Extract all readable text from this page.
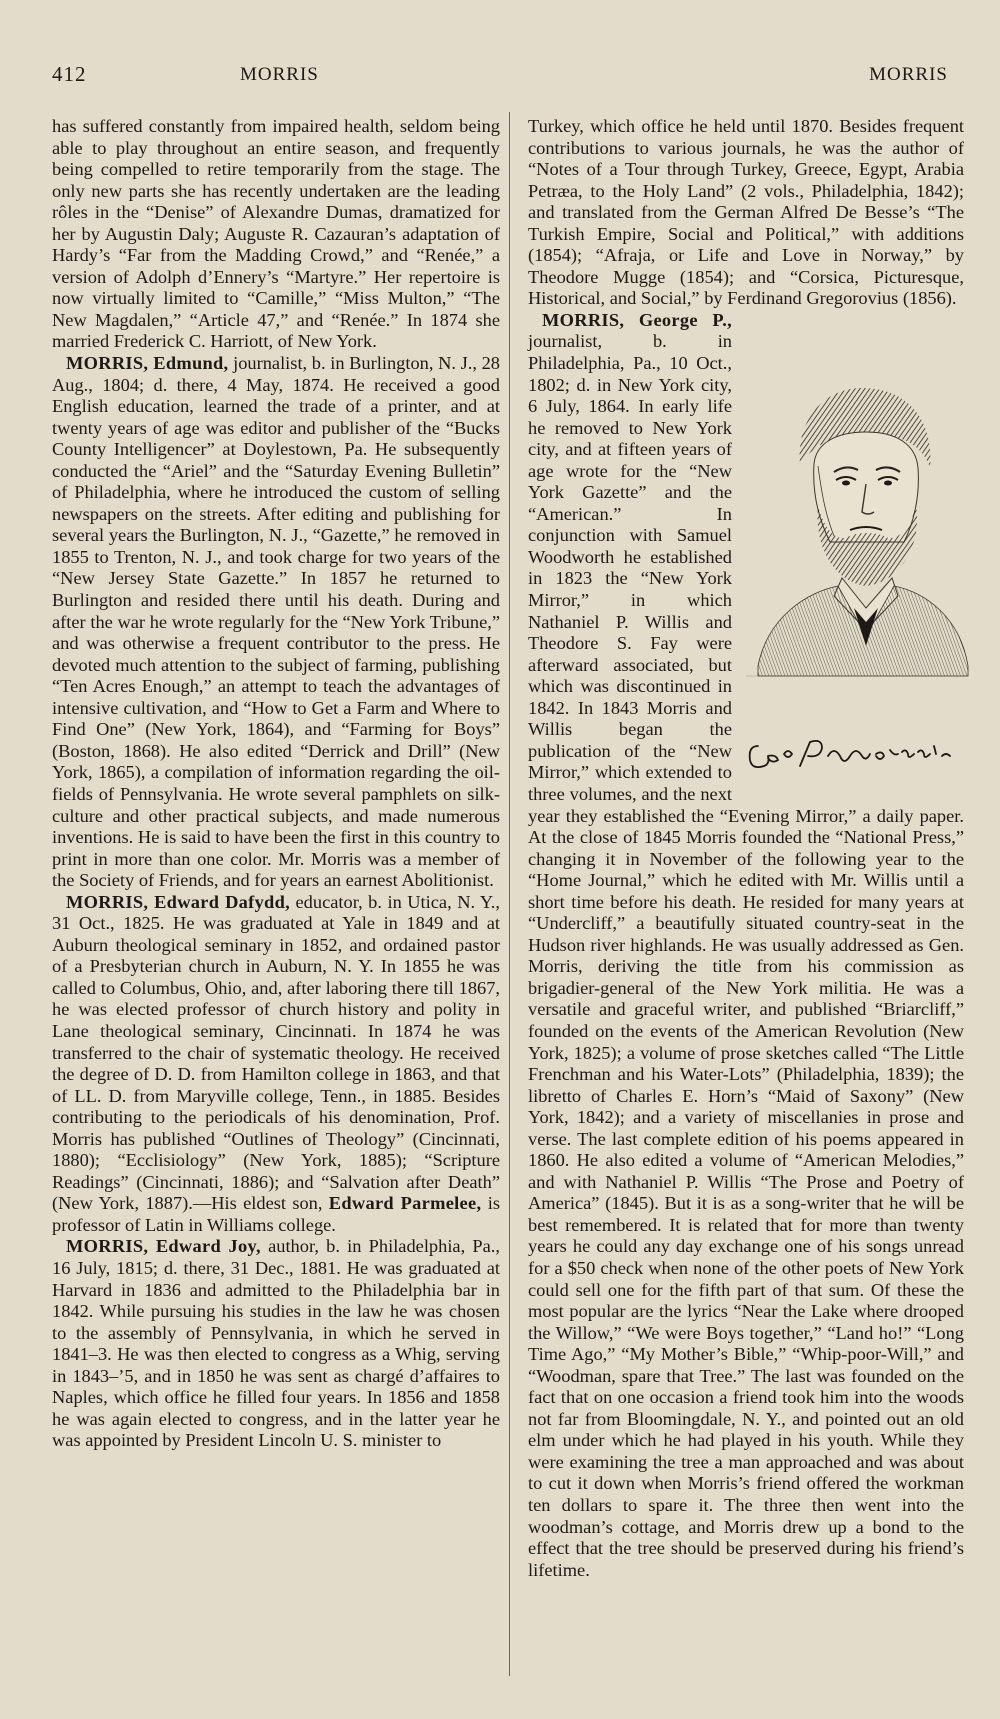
412	MORRIS	MORRIS

has suffered constantly from impaired health, seldom being able to play throughout an entire season, and frequently being compelled to retire temporarily from the stage. The only new parts she has recently undertaken are the leading rôles in the “Denise” of Alexandre Dumas, dramatized for her by Augustin Daly; Auguste R. Cazauran’s adaptation of Hardy’s “Far from the Madding Crowd,” and “Renée,” a version of Adolph d’Ennery’s “Martyre.” Her repertoire is now virtually limited to “Camille,” “Miss Multon,” “The New Magdalen,” “Article 47,” and “Renée.” In 1874 she married Frederick C. Harriott, of New York.

MORRIS, Edmund, journalist, b. in Burlington, N. J., 28 Aug., 1804; d. there, 4 May, 1874. He received a good English education, learned the trade of a printer, and at twenty years of age was editor and publisher of the “Bucks County Intelligencer” at Doylestown, Pa. He subsequently conducted the “Ariel” and the “Saturday Evening Bulletin” of Philadelphia, where he introduced the custom of selling newspapers on the streets. After editing and publishing for several years the Burlington, N. J., “Gazette,” he removed in 1855 to Trenton, N. J., and took charge for two years of the “New Jersey State Gazette.” In 1857 he returned to Burlington and resided there until his death. During and after the war he wrote regularly for the “New York Tribune,” and was otherwise a frequent contributor to the press. He devoted much attention to the subject of farming, publishing “Ten Acres Enough,” an attempt to teach the advantages of intensive cultivation, and “How to Get a Farm and Where to Find One” (New York, 1864), and “Farming for Boys” (Boston, 1868). He also edited “Derrick and Drill” (New York, 1865), a compilation of information regarding the oil-fields of Pennsylvania. He wrote several pamphlets on silk-culture and other practical subjects, and made numerous inventions. He is said to have been the first in this country to print in more than one color. Mr. Morris was a member of the Society of Friends, and for years an earnest Abolitionist.

MORRIS, Edward Dafydd, educator, b. in Utica, N. Y., 31 Oct., 1825. He was graduated at Yale in 1849 and at Auburn theological seminary in 1852, and ordained pastor of a Presbyterian church in Auburn, N. Y. In 1855 he was called to Columbus, Ohio, and, after laboring there till 1867, he was elected professor of church history and polity in Lane theological seminary, Cincinnati. In 1874 he was transferred to the chair of systematic theology. He received the degree of D. D. from Hamilton college in 1863, and that of LL. D. from Maryville college, Tenn., in 1885. Besides contributing to the periodicals of his denomination, Prof. Morris has published “Outlines of Theology” (Cincinnati, 1880); “Ecclisiology” (New York, 1885); “Scripture Readings” (Cincinnati, 1886); and “Salvation after Death” (New York, 1887).—His eldest son, Edward Parmelee, is professor of Latin in Williams college.

MORRIS, Edward Joy, author, b. in Philadelphia, Pa., 16 July, 1815; d. there, 31 Dec., 1881. He was graduated at Harvard in 1836 and admitted to the Philadelphia bar in 1842. While pursuing his studies in the law he was chosen to the assembly of Pennsylvania, in which he served in 1841–3. He was then elected to congress as a Whig, serving in 1843–’5, and in 1850 he was sent as chargé d’affaires to Naples, which office he filled four years. In 1856 and 1858 he was again elected to congress, and in the latter year he was appointed by President Lincoln U. S. minister to

Turkey, which office he held until 1870. Besides frequent contributions to various journals, he was the author of “Notes of a Tour through Turkey, Greece, Egypt, Arabia Petræa, to the Holy Land” (2 vols., Philadelphia, 1842); and translated from the German Alfred De Besse’s “The Turkish Empire, Social and Political,” with additions (1854); “Afraja, or Life and Love in Norway,” by Theodore Mugge (1854); and “Corsica, Picturesque, Historical, and Social,” by Ferdinand Gregorovius (1856).

MORRIS, George P., journalist, b. in Philadelphia, Pa., 10 Oct., 1802; d. in New York city, 6 July, 1864. In early life he removed to New York city, and at fifteen years of age wrote for the “New York Gazette” and the “American.” In conjunction with Samuel Woodworth he established in 1823 the “New York Mirror,” in which Nathaniel P. Willis and Theodore S. Fay were afterward associated, but which was discontinued in 1842. In 1843 Morris and Willis began the publication of the “New Mirror,” which extended to three volumes, and the next year they established the “Evening Mirror,” a daily paper. At the close of 1845 Morris founded the “National Press,” changing it in November of the following year to the “Home Journal,” which he edited with Mr. Willis until a short time before his death. He resided for many years at “Undercliff,” a beautifully situated country-seat in the Hudson river highlands. He was usually addressed as Gen. Morris, deriving the title from his commission as brigadier-general of the New York militia. He was a versatile and graceful writer, and published “Briarcliff,” founded on the events of the American Revolution (New York, 1825); a volume of prose sketches called “The Little Frenchman and his Water-Lots” (Philadelphia, 1839); the libretto of Charles E. Horn’s “Maid of Saxony” (New York, 1842); and a variety of miscellanies in prose and verse. The last complete edition of his poems appeared in 1860. He also edited a volume of “American Melodies,” and with Nathaniel P. Willis “The Prose and Poetry of America” (1845). But it is as a song-writer that he will be best remembered. It is related that for more than twenty years he could any day exchange one of his songs unread for a $50 check when none of the other poets of New York could sell one for the fifth part of that sum. Of these the most popular are the lyrics “Near the Lake where drooped the Willow,” “We were Boys together,” “Land ho!” “Long Time Ago,” “My Mother’s Bible,” “Whip-poor-Will,” and “Woodman, spare that Tree.” The last was founded on the fact that on one occasion a friend took him into the woods not far from Bloomingdale, N. Y., and pointed out an old elm under which he had played in his youth. While they were examining the tree a man approached and was about to cut it down when Morris’s friend offered the workman ten dollars to spare it. The three then went into the woodman’s cottage, and Morris drew up a bond to the effect that the tree should be preserved during his friend’s lifetime.
